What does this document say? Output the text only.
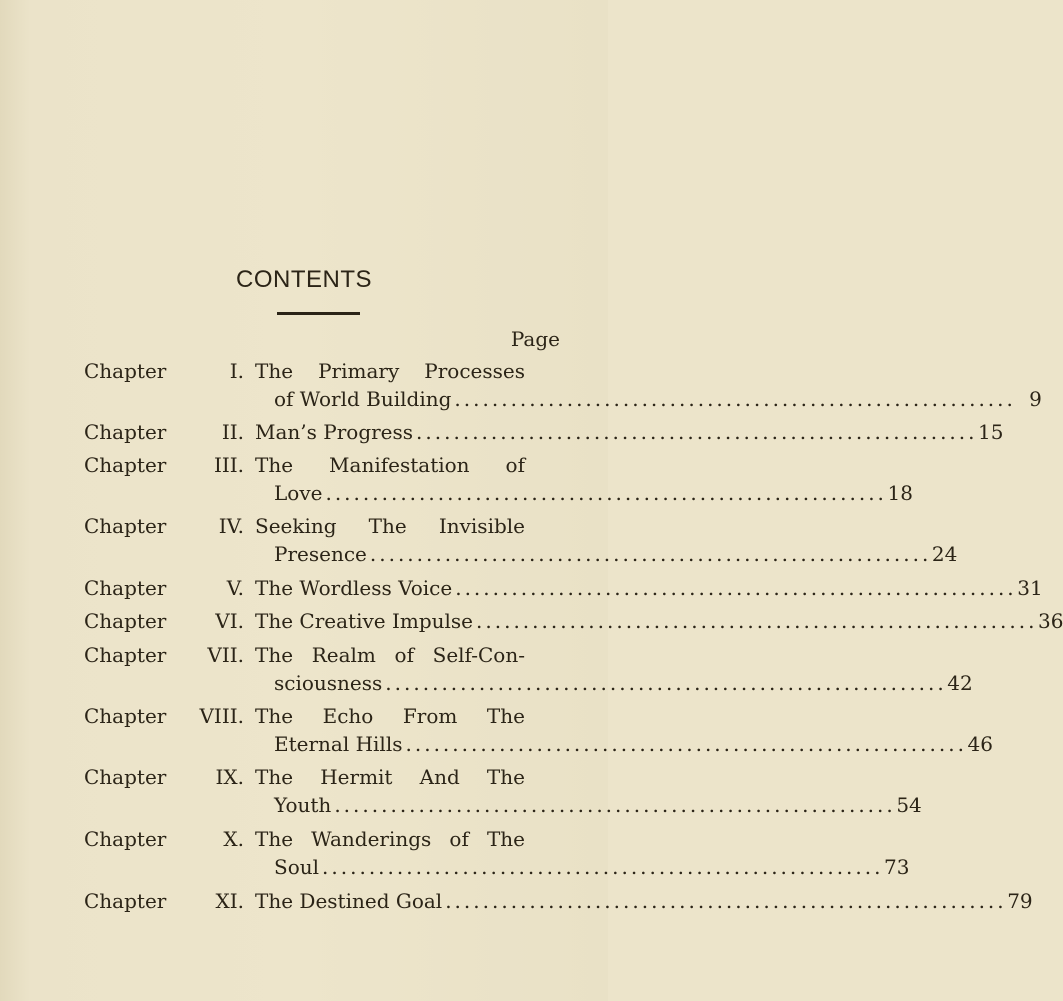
CONTENTS
Page
Chapter	I. The Primary Processes
of World Building ............................................................ 9
Chapter	II. Man’s Progress ............................................................ 15
Chapter	III. The Manifestation of
Love ............................................................ 18
Chapter	IV. Seeking The Invisible
Presence ............................................................ 24
Chapter	V. The Wordless Voice ............................................................ 31
Chapter	VI. The Creative Impulse ............................................................ 36
Chapter	VII. The Realm of Self-Con-
sciousness ............................................................ 42
Chapter	VIII. The Echo From The
Eternal Hills ............................................................ 46
Chapter	IX. The Hermit And The
Youth ............................................................ 54
Chapter	X. The Wanderings of The
Soul ............................................................ 73
Chapter	XI. The Destined Goal ............................................................ 79
